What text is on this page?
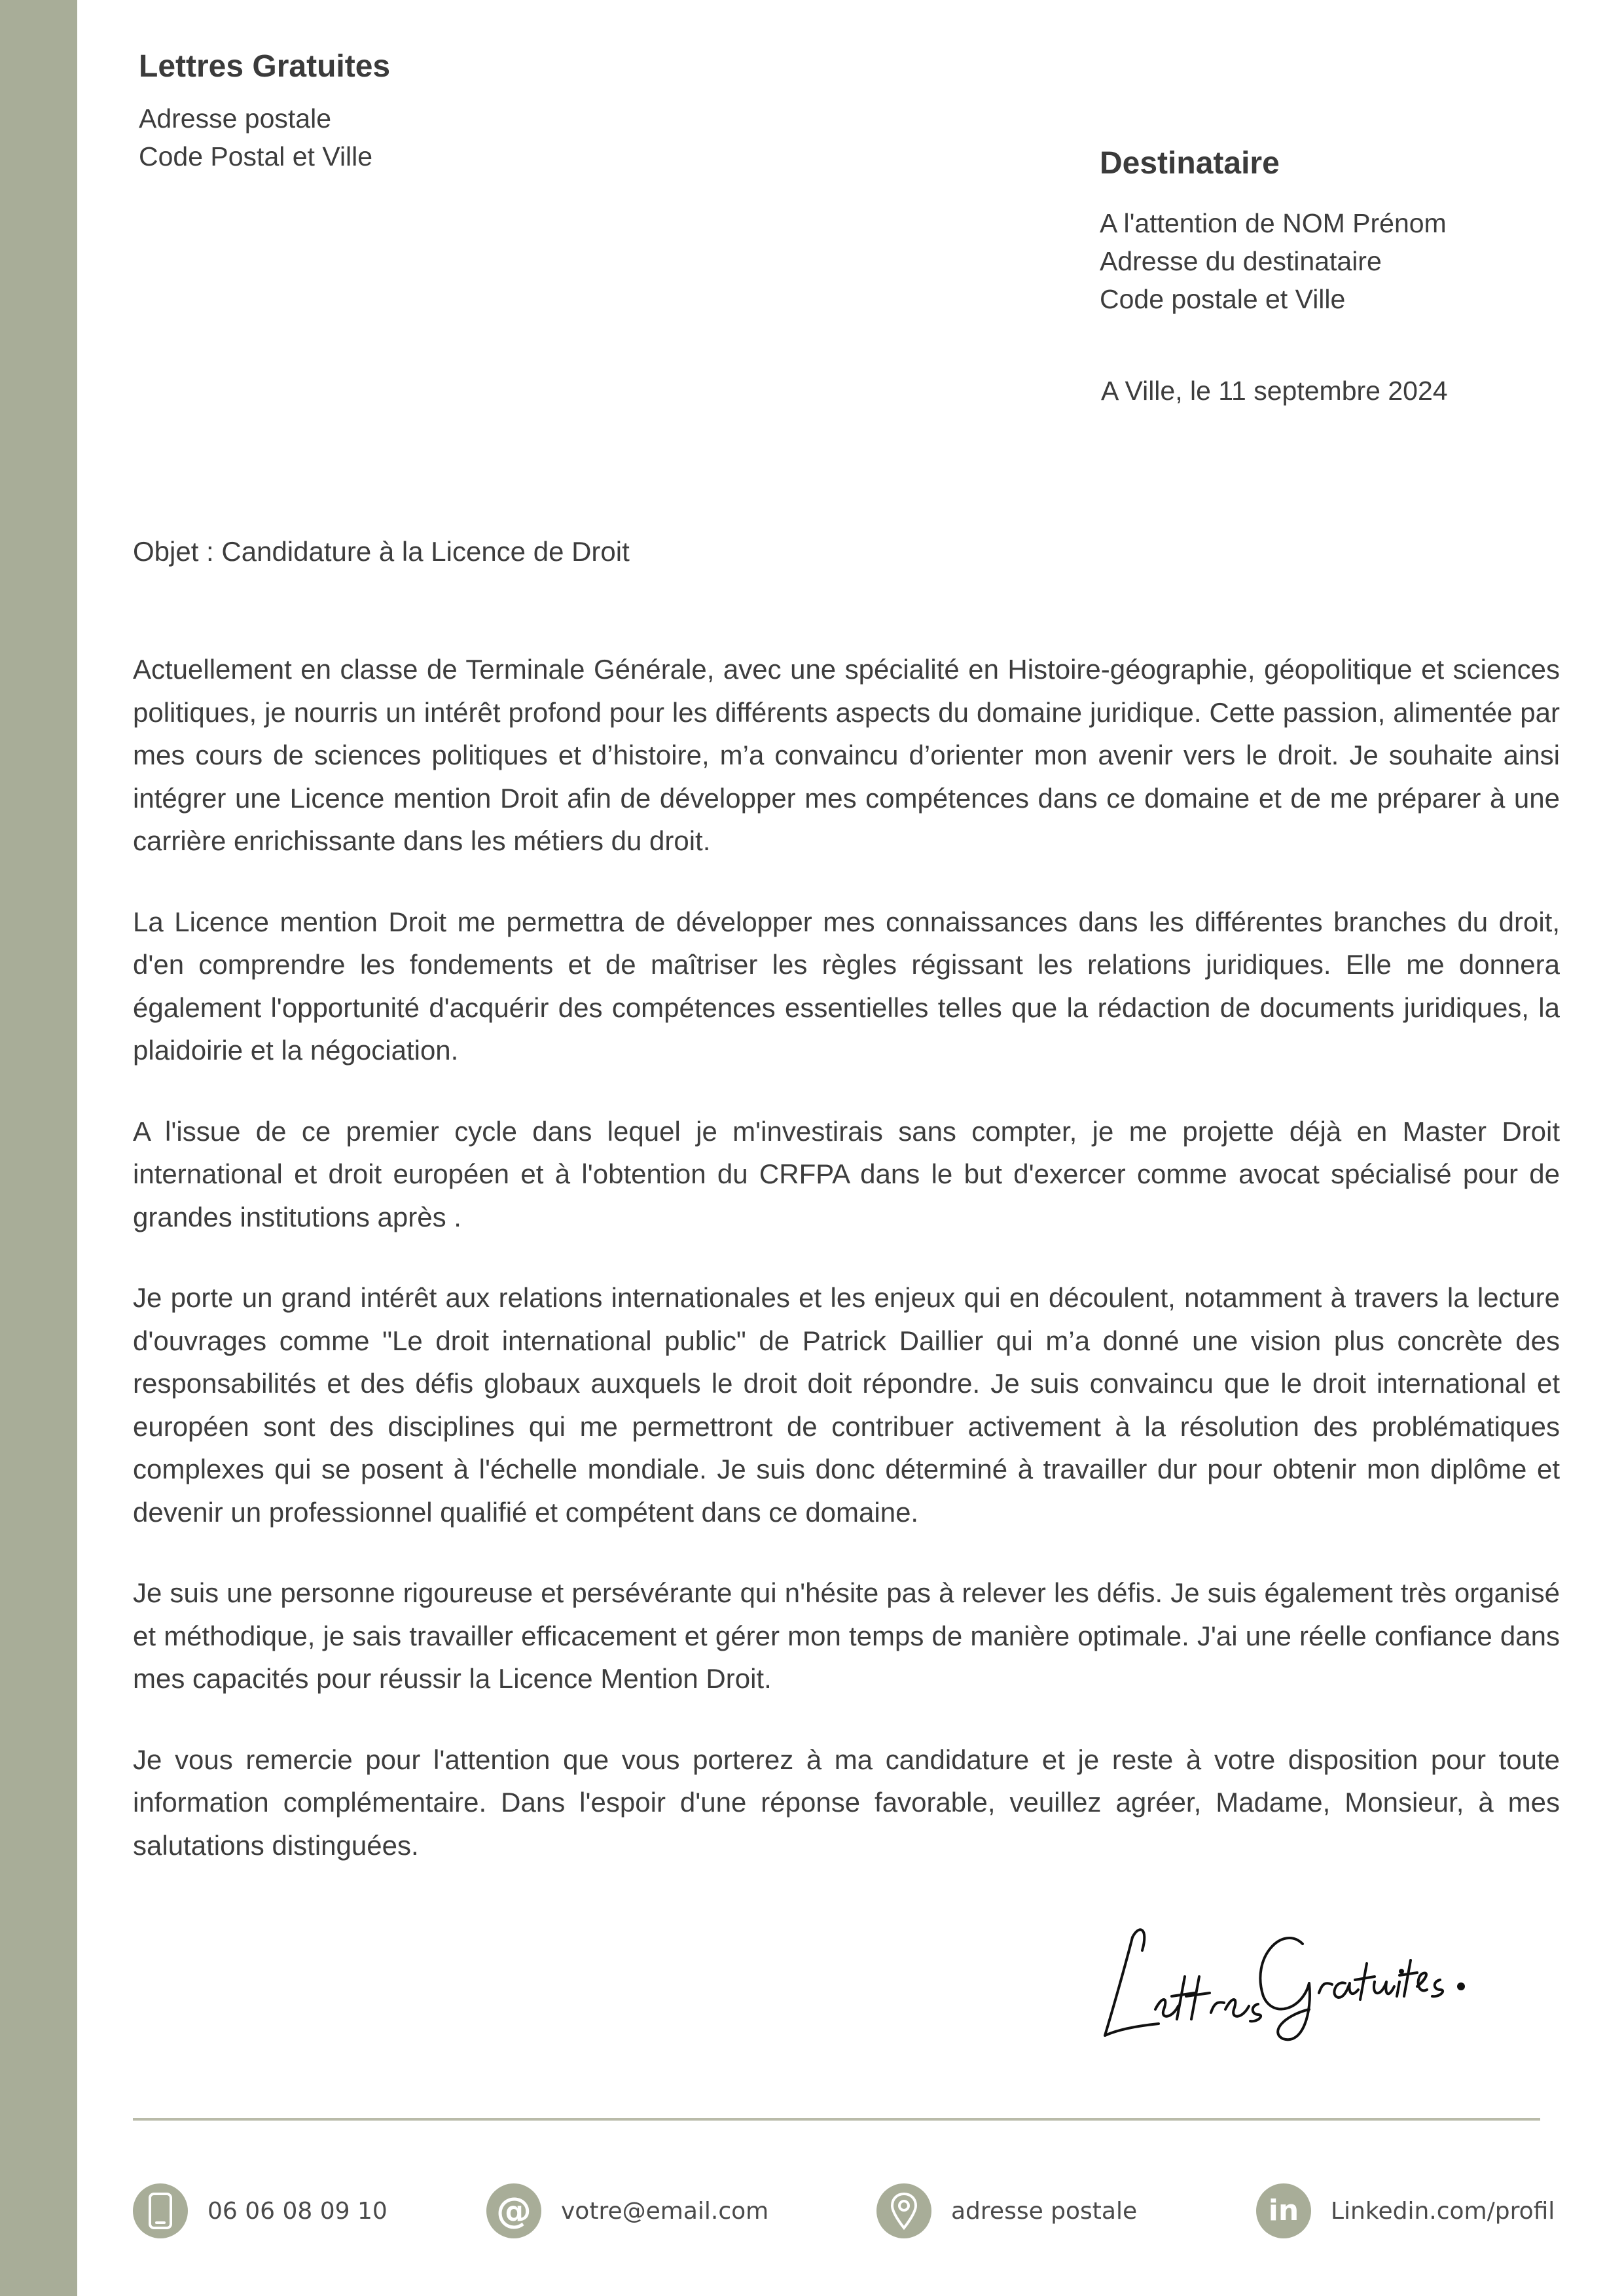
Lettres Gratuites
Adresse postale
Code Postal et Ville	Destinataire
A l'attention de NOM Prénom
Adresse du destinataire
Code postale et Ville
A Ville, le 11 septembre 2024
Objet : Candidature à la Licence de Droit

Actuellement en classe de Terminale Générale, avec une spécialité en Histoire-géographie, géopolitique et sciences politiques, je nourris un intérêt profond pour les différents aspects du domaine juridique. Cette passion, alimentée par mes cours de sciences politiques et d’histoire, m’a convaincu d’orienter mon avenir vers le droit. Je souhaite ainsi intégrer une Licence mention Droit afin de développer mes compétences dans ce domaine et de me préparer à une carrière enrichissante dans les métiers du droit.

La Licence mention Droit me permettra de développer mes connaissances dans les différentes branches du droit, d'en comprendre les fondements et de maîtriser les règles régissant les relations juridiques. Elle me donnera également l'opportunité d'acquérir des compétences essentielles telles que la rédaction de documents juridiques, la plaidoirie et la négociation.

A l'issue de ce premier cycle dans lequel je m'investirais sans compter, je me projette déjà en Master Droit international et droit européen et à l'obtention du CRFPA dans le but d'exercer comme avocat spécialisé pour de grandes institutions après .

Je porte un grand intérêt aux relations internationales et les enjeux qui en découlent, notamment à travers la lecture d'ouvrages comme "Le droit international public" de Patrick Daillier qui m’a donné une vision plus concrète des responsabilités et des défis globaux auxquels le droit doit répondre. Je suis convaincu que le droit international et européen sont des disciplines qui me permettront de contribuer activement à la résolution des problématiques complexes qui se posent à l'échelle mondiale. Je suis donc déterminé à travailler dur pour obtenir mon diplôme et devenir un professionnel qualifié et compétent dans ce domaine.

Je suis une personne rigoureuse et persévérante qui n'hésite pas à relever les défis. Je suis également très organisé et méthodique, je sais travailler efficacement et gérer mon temps de manière optimale. J'ai une réelle confiance dans mes capacités pour réussir la Licence Mention Droit.

Je vous remercie pour l'attention que vous porterez à ma candidature et je reste à votre disposition pour toute information complémentaire. Dans l'espoir d'une réponse favorable, veuillez agréer, Madame, Monsieur, à mes salutations distinguées.

06 06 08 09 10	@ votre@email.com	adresse postale	in Linkedin.com/profil
